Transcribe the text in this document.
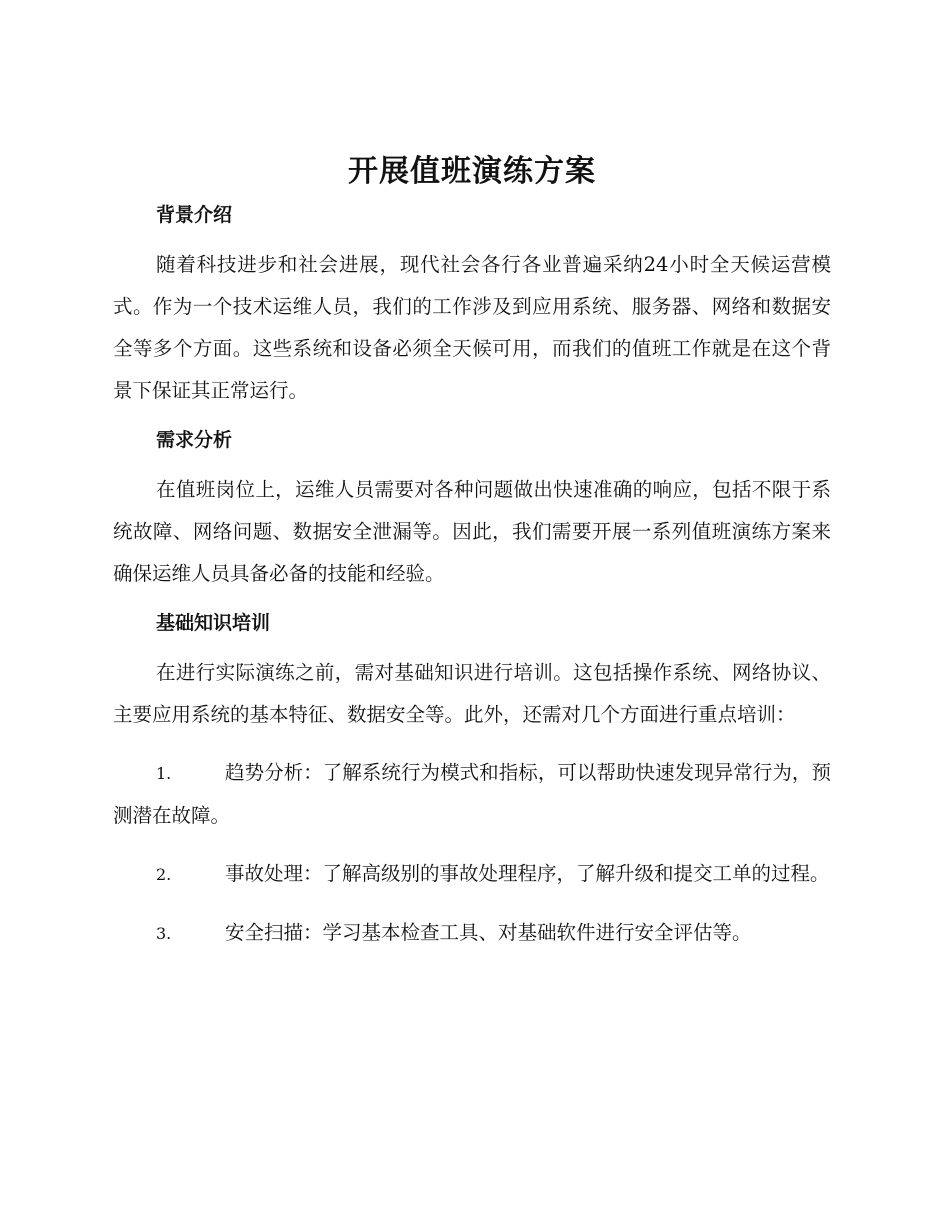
开展值班演练方案
背景介绍

随着科技进步和社会进展，现代社会各行各业普遍采纳24小时全天候运营模式。作为一个技术运维人员，我们的工作涉及到应用系统、服务器、网络和数据安全等多个方面。这些系统和设备必须全天候可用，而我们的值班工作就是在这个背景下保证其正常运行。

需求分析

在值班岗位上，运维人员需要对各种问题做出快速准确的响应，包括不限于系统故障、网络问题、数据安全泄漏等。因此，我们需要开展一系列值班演练方案来确保运维人员具备必备的技能和经验。

基础知识培训

在进行实际演练之前，需对基础知识进行培训。这包括操作系统、网络协议、主要应用系统的基本特征、数据安全等。此外，还需对几个方面进行重点培训：

1.	趋势分析：了解系统行为模式和指标，可以帮助快速发现异常行为，预测潜在故障。
2.	事故处理：了解高级别的事故处理程序，了解升级和提交工单的过程。
3.	安全扫描：学习基本检查工具、对基础软件进行安全评估等。
